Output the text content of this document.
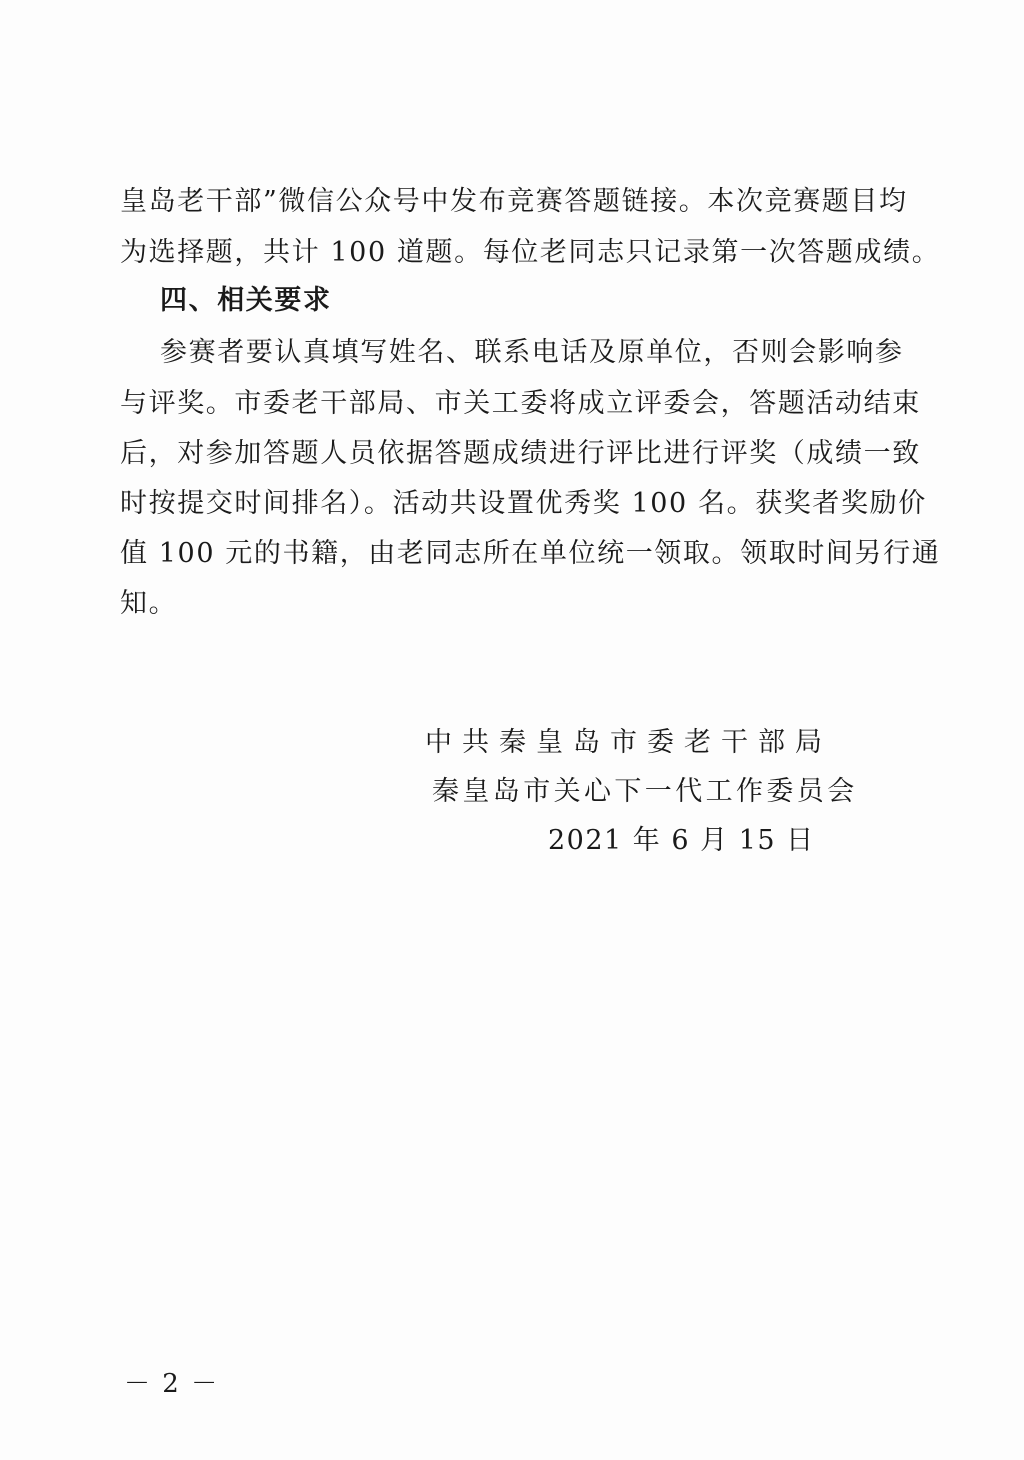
皇岛老干部”微信公众号中发布竞赛答题链接。本次竞赛题目均
为选择题，共计 100 道题。每位老同志只记录第一次答题成绩。
四、相关要求
参赛者要认真填写姓名、联系电话及原单位，否则会影响参
与评奖。市委老干部局、市关工委将成立评委会，答题活动结束
后，对参加答题人员依据答题成绩进行评比进行评奖（成绩一致
时按提交时间排名）。活动共设置优秀奖 100 名。获奖者奖励价
值 100 元的书籍，由老同志所在单位统一领取。领取时间另行通
知。
中共秦皇岛市委老干部局
秦皇岛市关心下一代工作委员会
2021 年 6 月 15 日
－ 2 －
